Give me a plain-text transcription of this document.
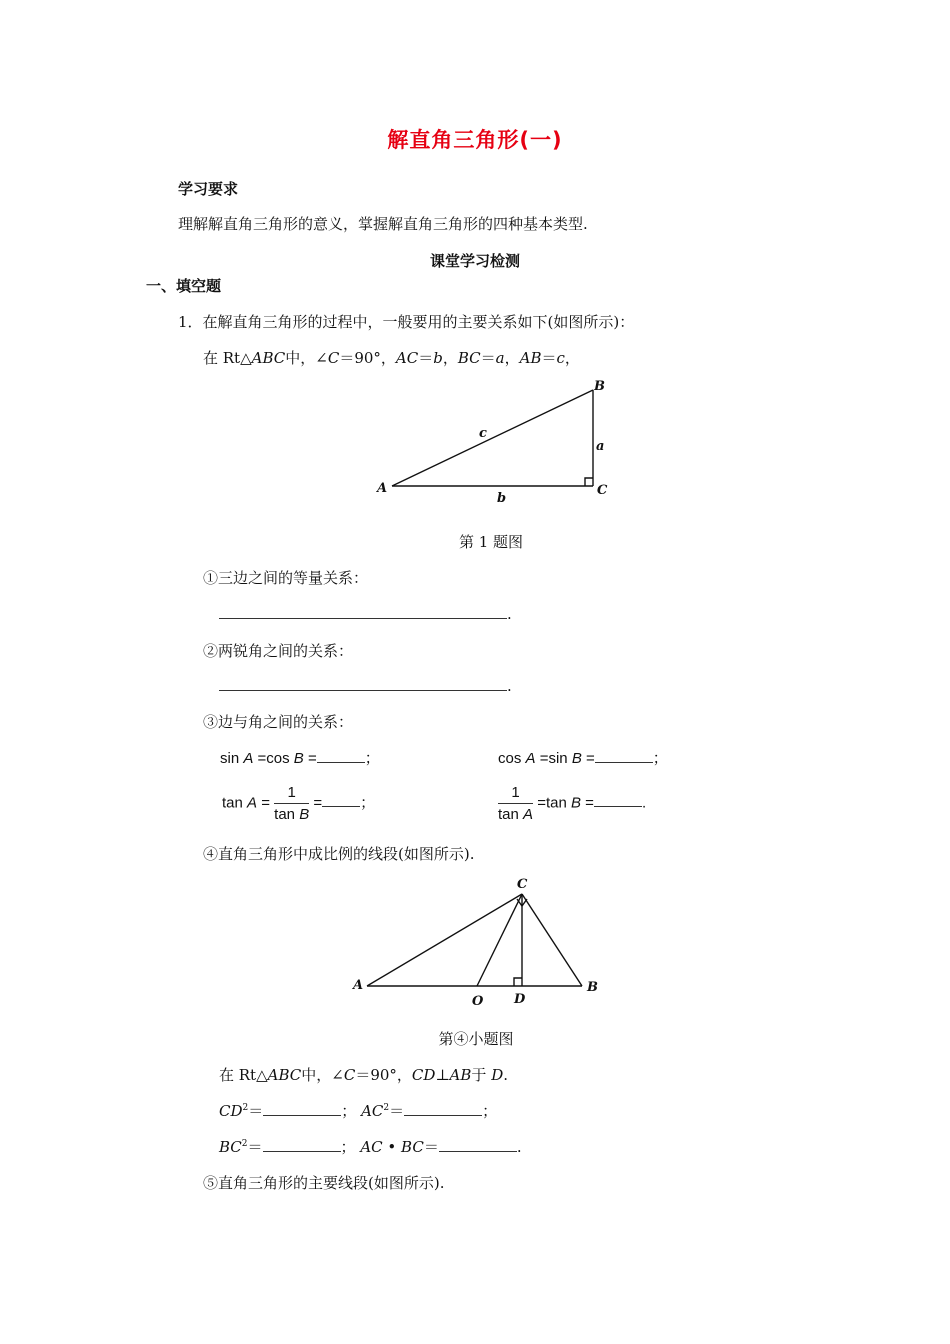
解直角三角形(一)
学习要求
理解解直角三角形的意义，掌握解直角三角形的四种基本类型.
课堂学习检测
一、填空题
1．在解直角三角形的过程中，一般要用的主要关系如下(如图所示)：
在 Rt△ABC中，∠C＝90°，AC＝b，BC＝a，AB＝c，
A
B
C
a
b
c
第 1 题图
①三边之间的等量关系：
.
②两锐角之间的关系：
.
③边与角之间的关系：
sin A =cos B =	；	cos A =sin B =	；
$\tan A = \frac{1}{\text{tan B}}$ =	；	$\frac{1}{\text{tan A}} =\tan$ B =	.
④直角三角形中成比例的线段(如图所示).
A	B
C
D
O
第④小题图
在 Rt△ABC中，∠C＝90°，CD⊥AB于 D.
$CD^2=$	； $AC^2=$	；
$BC^2=$	； AC • BC＝	.
⑤直角三角形的主要线段(如图所示).
